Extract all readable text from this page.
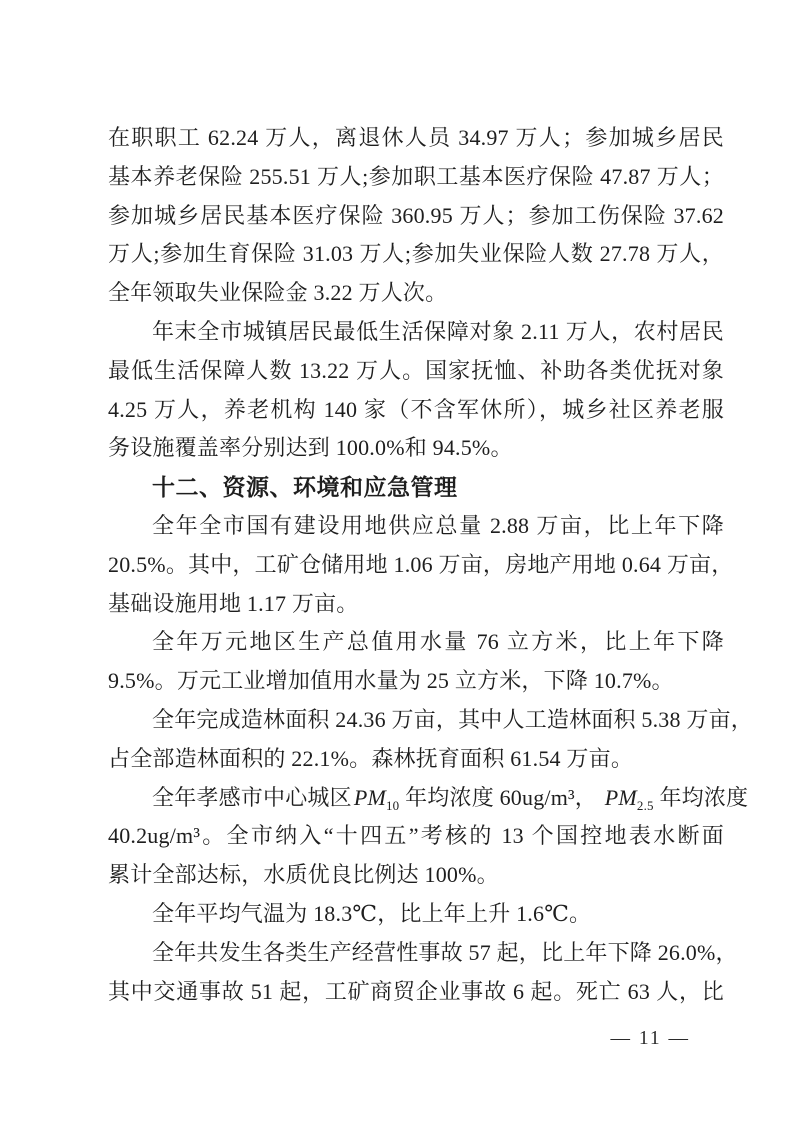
在职职工 62.24 万人，离退休人员 34.97 万人；参加城乡居民
基本养老保险 255.51 万人;参加职工基本医疗保险 47.87 万人；
参加城乡居民基本医疗保险 360.95 万人；参加工伤保险 37.62
万人;参加生育保险 31.03 万人;参加失业保险人数 27.78 万人，
全年领取失业保险金 3.22 万人次。
年末全市城镇居民最低生活保障对象 2.11 万人，农村居民
最低生活保障人数 13.22 万人。国家抚恤、补助各类优抚对象
4.25 万人，养老机构 140 家（不含军休所），城乡社区养老服
务设施覆盖率分别达到 100.0%和 94.5%。
十二、资源、环境和应急管理
全年全市国有建设用地供应总量 2.88 万亩，比上年下降
20.5%。其中，工矿仓储用地 1.06 万亩，房地产用地 0.64 万亩，
基础设施用地 1.17 万亩。
全年万元地区生产总值用水量 76 立方米，比上年下降
9.5%。万元工业增加值用水量为 25 立方米，下降 10.7%。
全年完成造林面积 24.36 万亩，其中人工造林面积 5.38 万亩，
占全部造林面积的 22.1%。森林抚育面积 61.54 万亩。
全年孝感市中心城区$PM_{10}$ 年均浓度 60ug/m³， $PM_{2.5}$ 年均浓度
40.2ug/m³。全市纳入“十四五”考核的 13 个国控地表水断面
累计全部达标，水质优良比例达 100%。
全年平均气温为 18.3℃，比上年上升 1.6℃。
全年共发生各类生产经营性事故 57 起，比上年下降 26.0%，
其中交通事故 51 起，工矿商贸企业事故 6 起。死亡 63 人，比
— 11 —
